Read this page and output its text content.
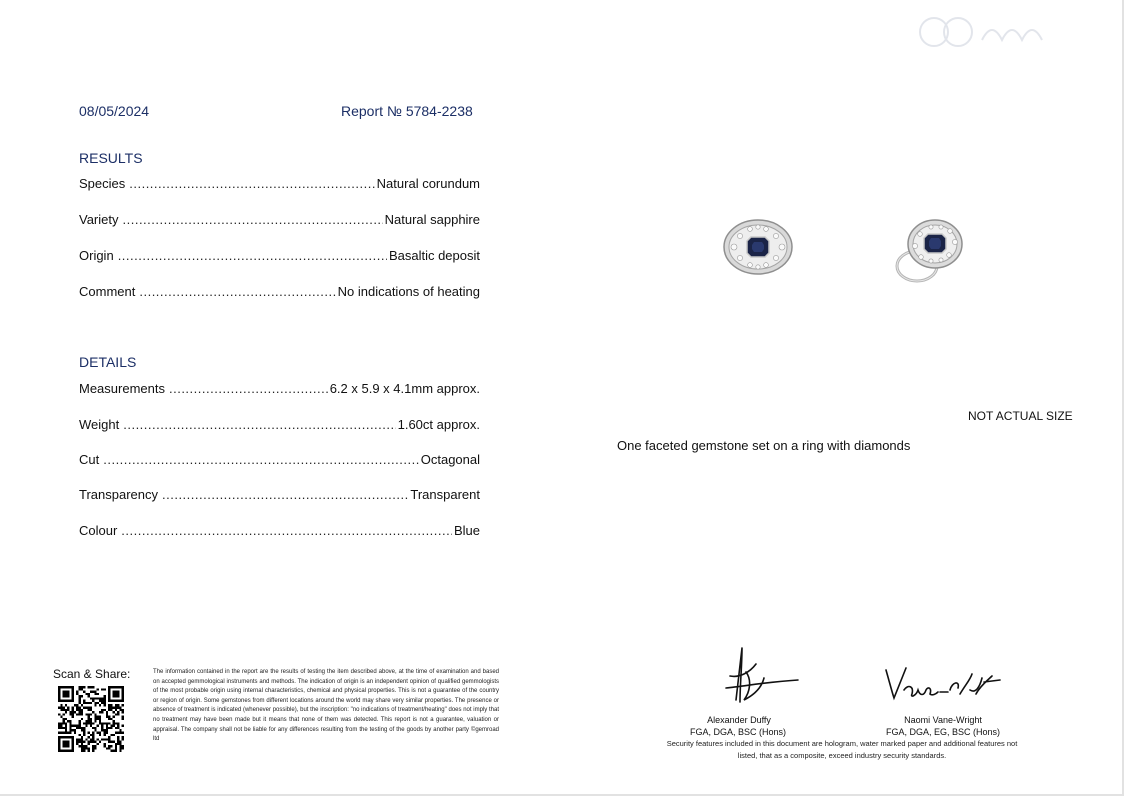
08/05/2024	Report № 5784-2238
RESULTS
Species .....	Natural corundum
Variety .....	Natural sapphire
Origin .....	Basaltic deposit
Comment .....	No indications of heating
DETAILS
Measurements .....	6.2 x 5.9 x 4.1mm approx.
Weight .....	1.60ct approx.
Cut .....	Octagonal
Transparency .....	Transparent
Colour .....	Blue
NOT ACTUAL SIZE
One faceted gemstone set on a ring with diamonds
Scan & Share:	The information contained in the report are the results of testing the item described above, at the time of examination and based on accepted gemmological instruments and methods. The indication of origin is an independent opinion of qualified gemmologists of the most probable origin using internal characteristics, chemical and physical properties. This is not a guarantee of the country or region of origin. Some gemstones from different locations around the world may share very similar properties. The presence or absence of treatment is indicated (whenever possible), but the inscription: "no indications of treatment/heating" does not imply that no treatment may have been made but it means that none of them was detected. This report is not a guarantee, valuation or appraisal. The company shall not be liable for any differences resulting from the testing of the goods by another party ©gemroad ltd
Alexander Duffy
FGA, DGA, BSC (Hons)
Naomi Vane-Wright
FGA, DGA, EG, BSC (Hons)
Security features included in this document are hologram, water marked paper and additional features not listed, that as a composite, exceed industry security standards.
